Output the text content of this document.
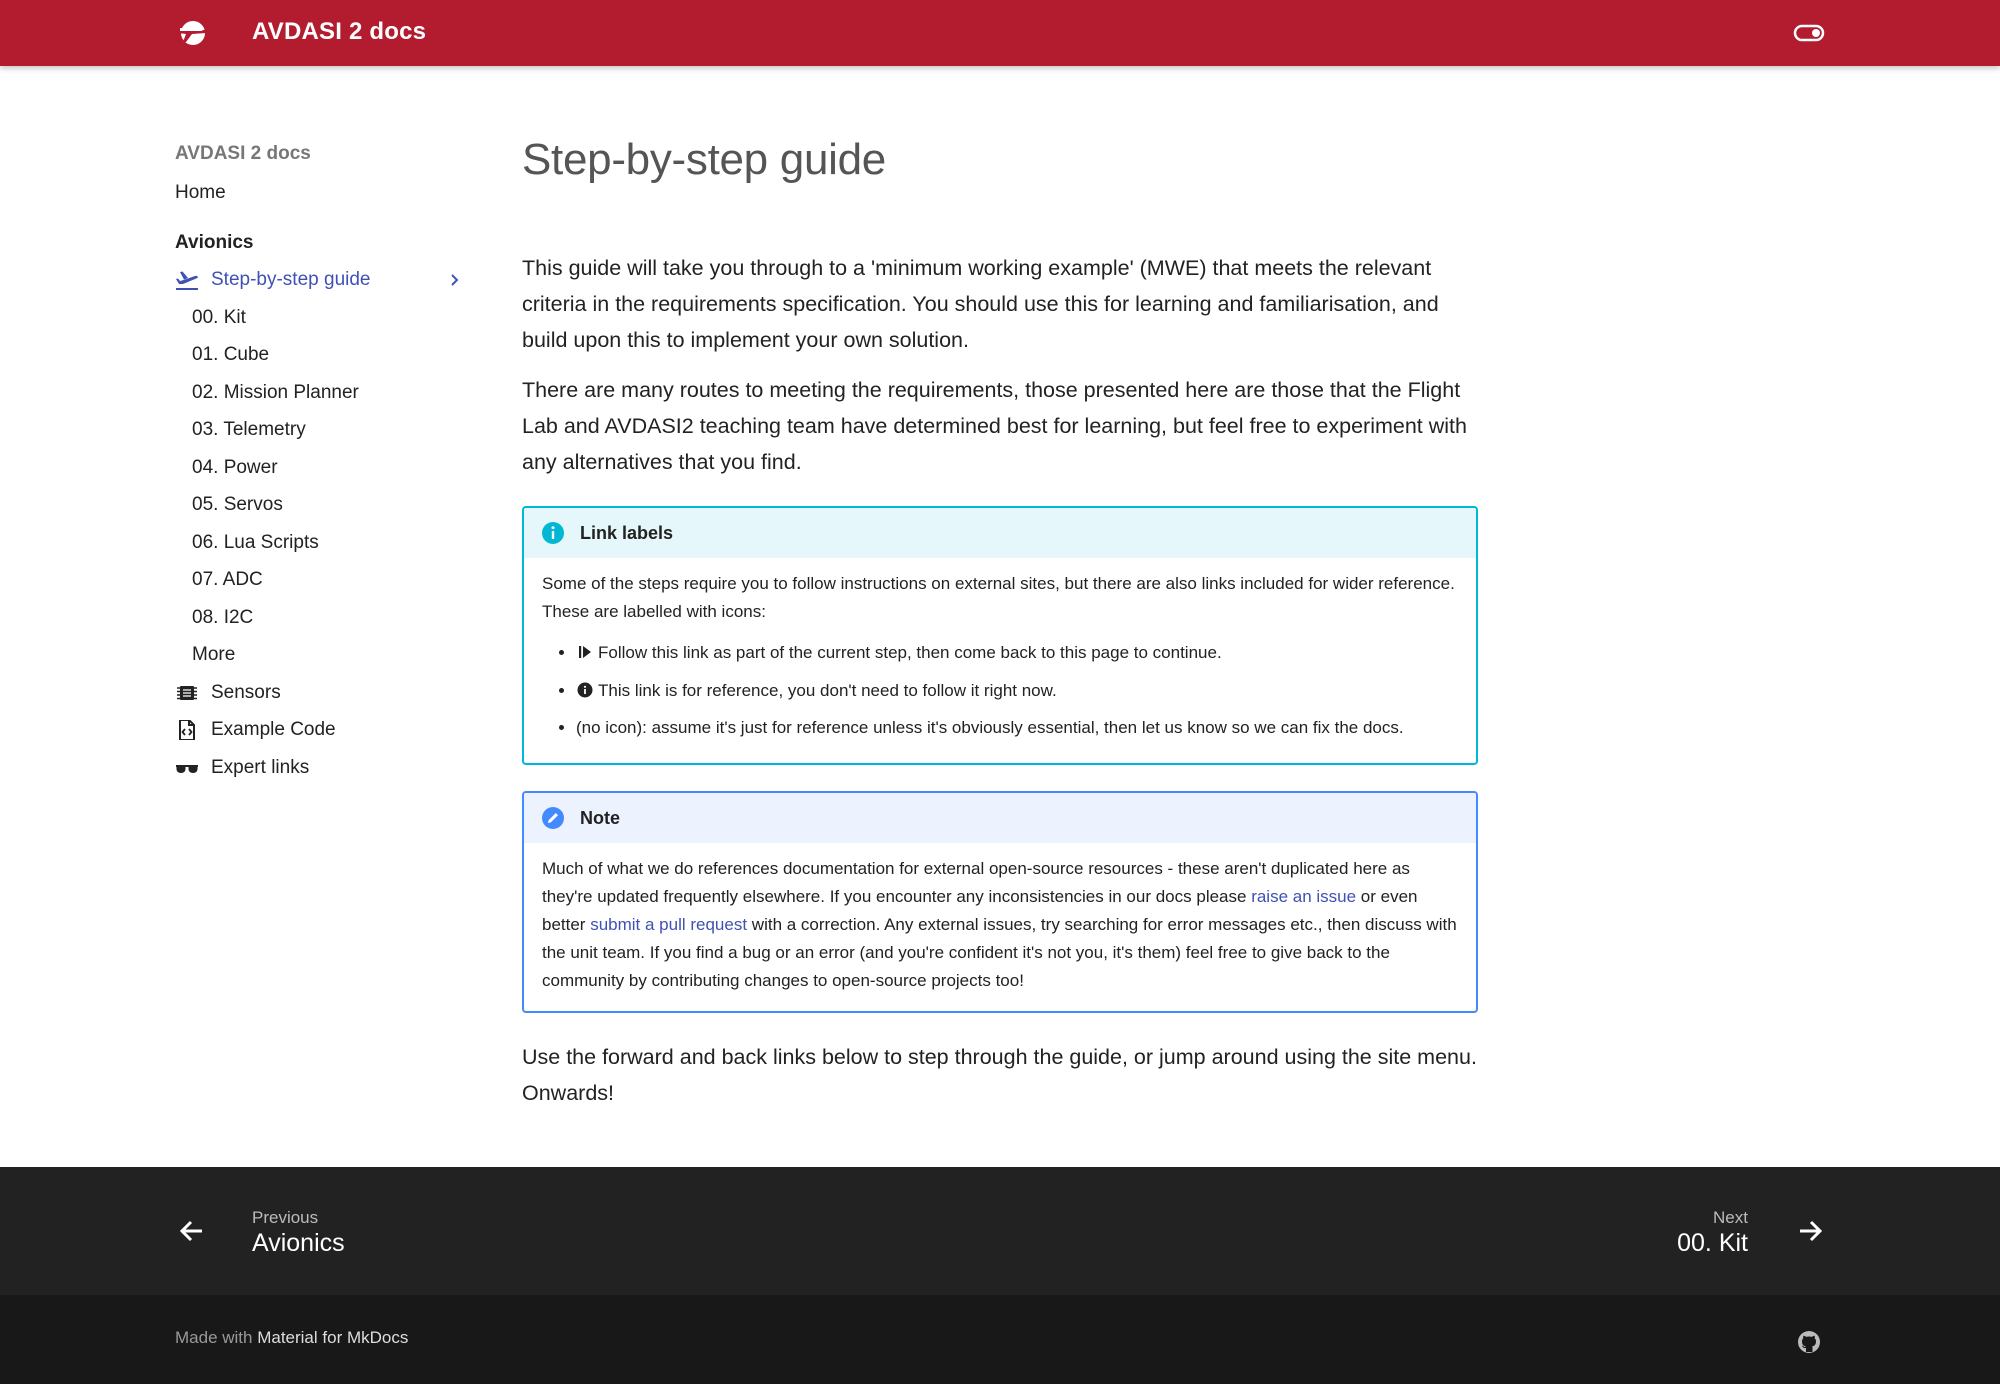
AVDASI 2 docs
AVDASI 2 docs
Home
Avionics
Step-by-step guide
00. Kit
01. Cube
02. Mission Planner
03. Telemetry
04. Power
05. Servos
06. Lua Scripts
07. ADC
08. I2C
More
Sensors
Example Code
Expert links
Step-by-step guide

This guide will take you through to a 'minimum working example' (MWE) that meets the relevant criteria in the requirements specification. You should use this for learning and familiarisation, and build upon this to implement your own solution.

There are many routes to meeting the requirements, those presented here are those that the Flight Lab and AVDASI2 teaching team have determined best for learning, but feel free to experiment with any alternatives that you find.

Link labels

Some of the steps require you to follow instructions on external sites, but there are also links included for wider reference. These are labelled with icons:

• Follow this link as part of the current step, then come back to this page to continue.
• This link is for reference, you don't need to follow it right now.
• (no icon): assume it's just for reference unless it's obviously essential, then let us know so we can fix the docs.
Note

Much of what we do references documentation for external open-source resources - these aren't duplicated here as they're updated frequently elsewhere. If you encounter any inconsistencies in our docs please raise an issue or even better submit a pull request with a correction. Any external issues, try searching for error messages etc., then discuss with the unit team. If you find a bug or an error (and you're confident it's not you, it's them) feel free to give back to the community by contributing changes to open-source projects too!

Use the forward and back links below to step through the guide, or jump around using the site menu. Onwards!

Previous
Avionics
Next
00. Kit
Made with Material for MkDocs
